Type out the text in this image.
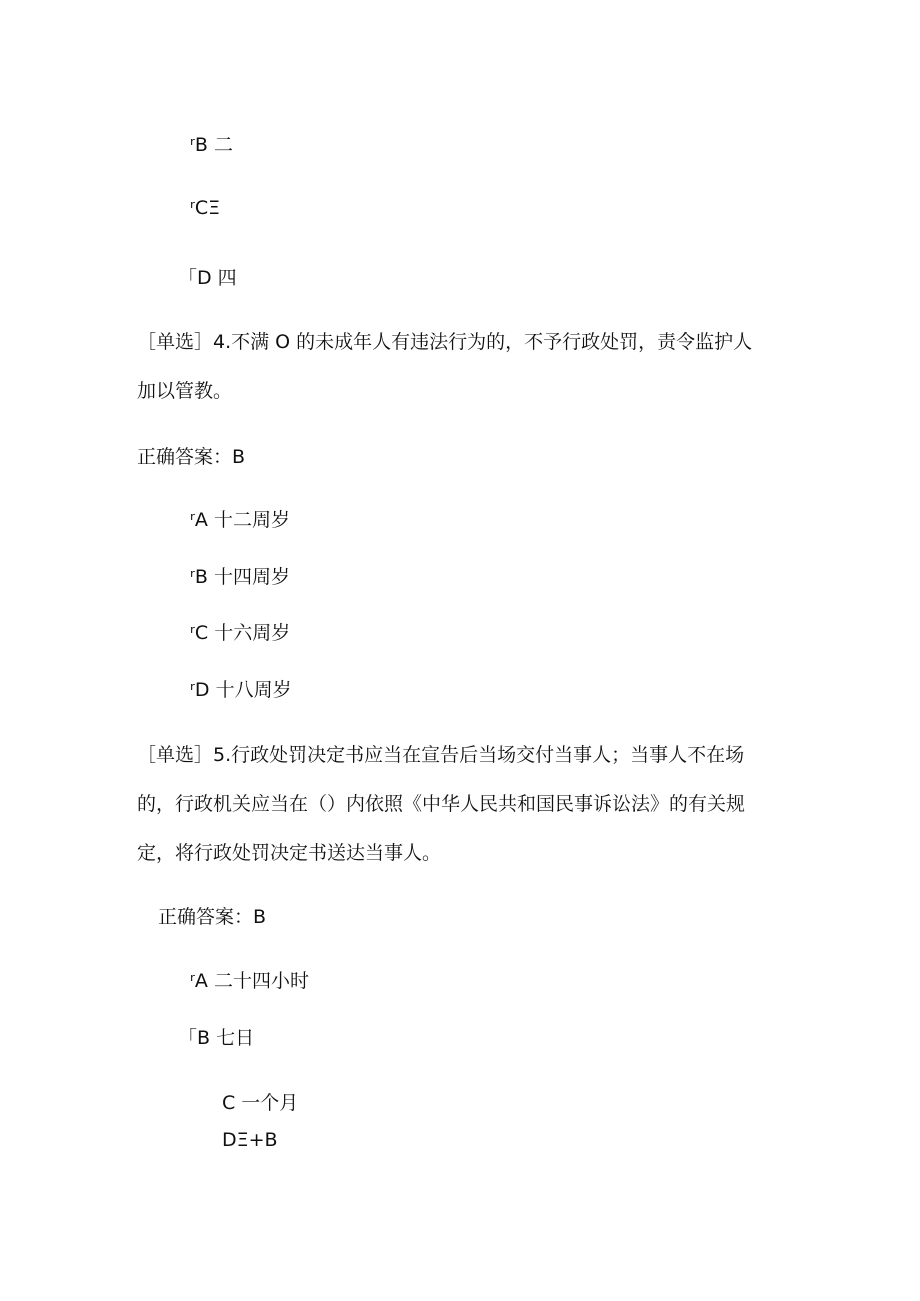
ʳB 二
ʳCΞ
「D 四
［单选］4.不满 O 的未成年人有违法行为的，不予行政处罚，责令监护人
加以管教。
正确答案：B
ʳA 十二周岁
ʳB 十四周岁
ʳC 十六周岁
ʳD 十八周岁
［单选］5.行政处罚决定书应当在宣告后当场交付当事人；当事人不在场
的，行政机关应当在（）内依照《中华人民共和国民事诉讼法》的有关规
定，将行政处罚决定书送达当事人。
正确答案：B
ʳA 二十四小时
「B 七日
C 一个月
DΞ+B
